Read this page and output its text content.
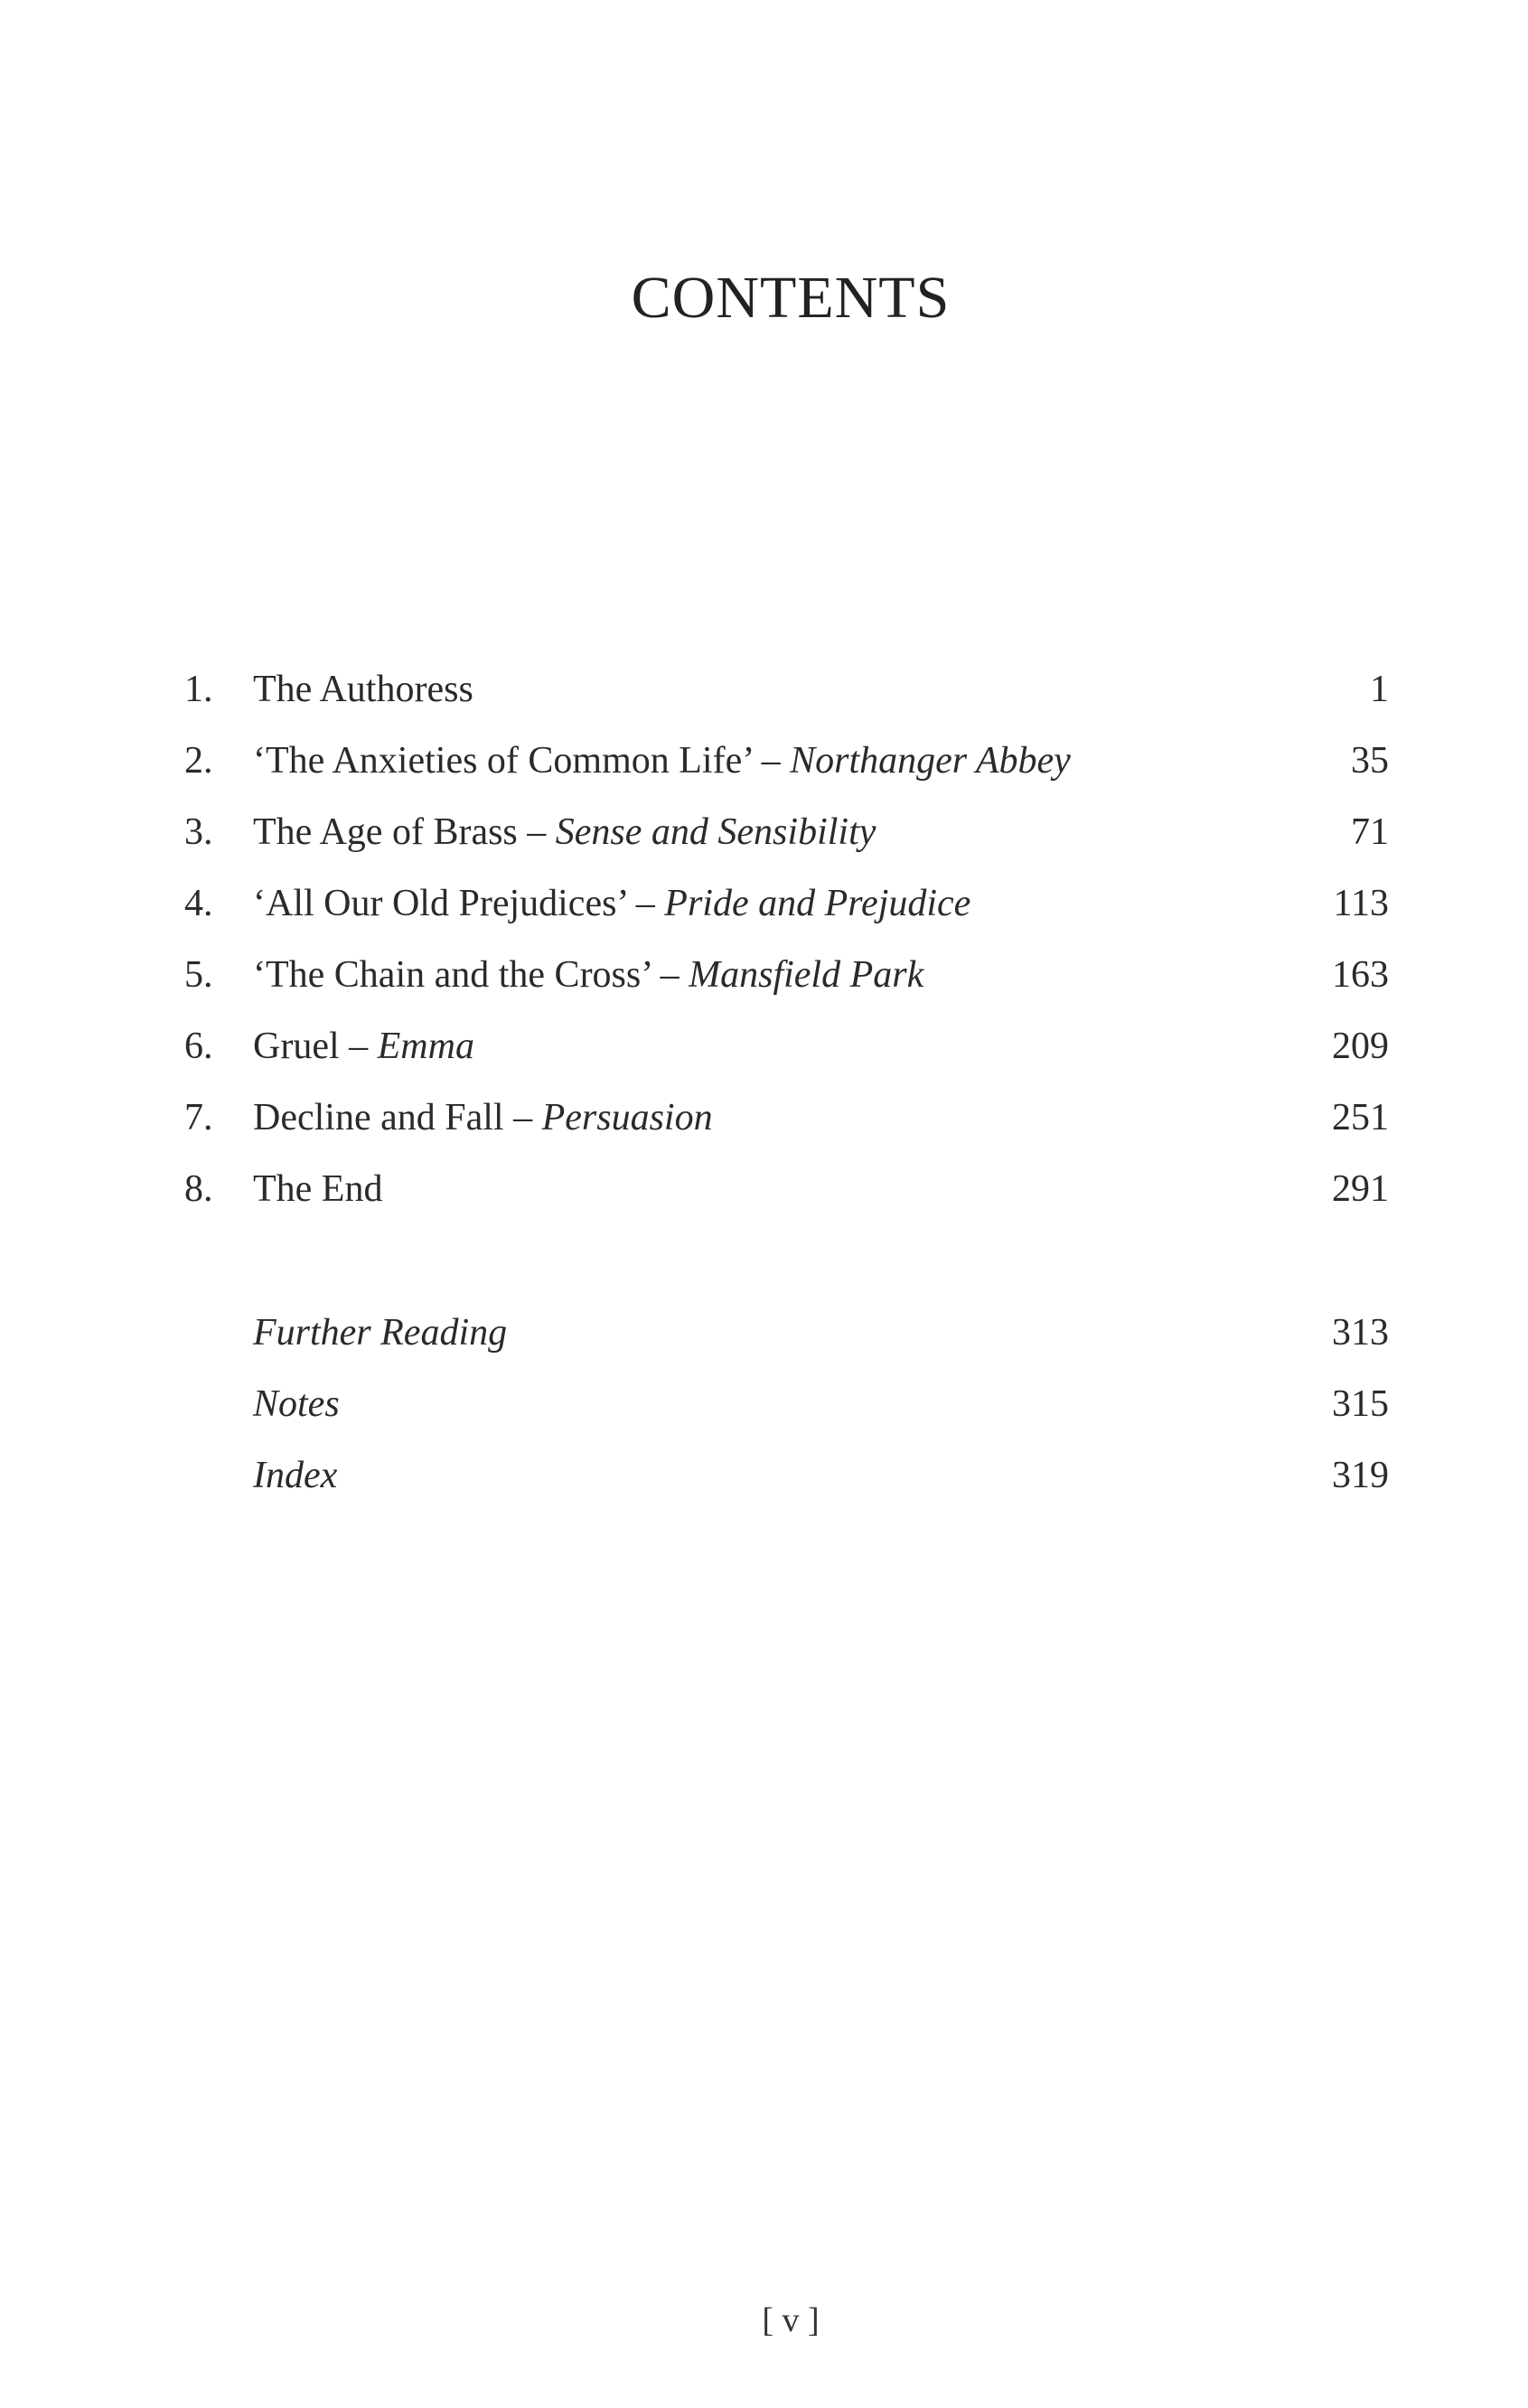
CONTENTS
1.	The Authoress	1
2.	‘The Anxieties of Common Life’ – Northanger Abbey	35
3.	The Age of Brass – Sense and Sensibility	71
4.	‘All Our Old Prejudices’ – Pride and Prejudice	113
5.	‘The Chain and the Cross’ – Mansfield Park	163
6.	Gruel – Emma	209
7.	Decline and Fall – Persuasion	251
8.	The End	291
Further Reading	313
Notes	315
Index	319
[ v ]
